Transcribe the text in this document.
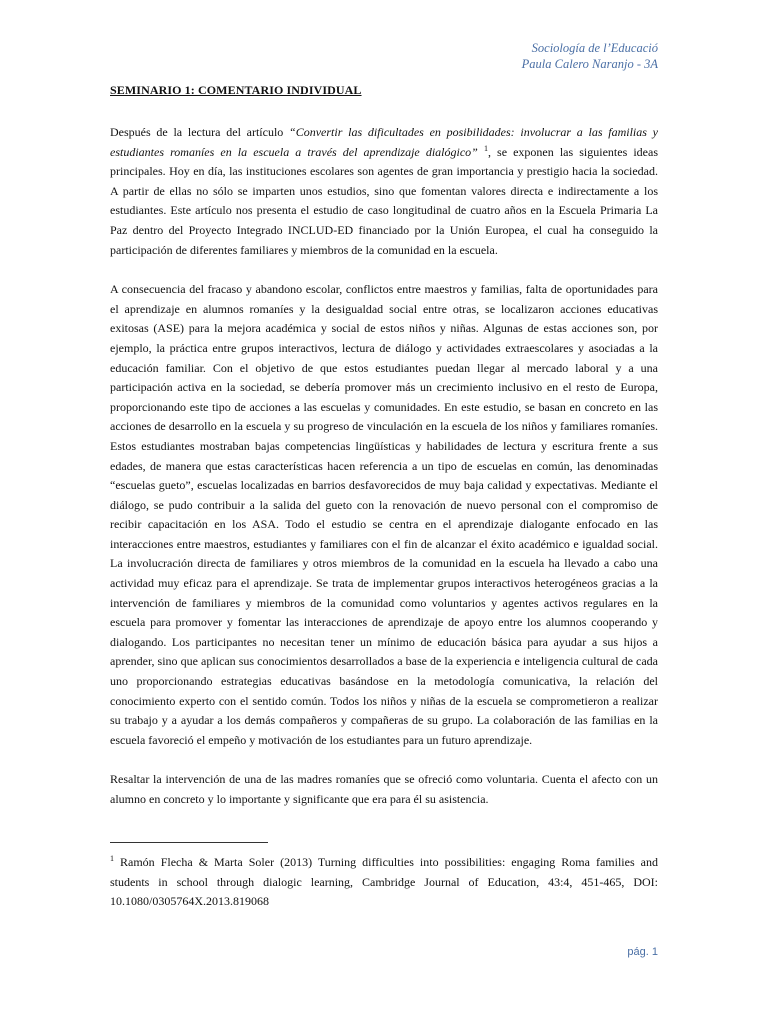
Sociología de l’Educació
Paula Calero Naranjo - 3A
SEMINARIO 1: COMENTARIO INDIVIDUAL

Después de la lectura del artículo “Convertir las dificultades en posibilidades: involucrar a las familias y estudiantes romaníes en la escuela a través del aprendizaje dialógico” $^1$, se exponen las siguientes ideas principales. Hoy en día, las instituciones escolares son agentes de gran importancia y prestigio hacia la sociedad. A partir de ellas no sólo se imparten unos estudios, sino que fomentan valores directa e indirectamente a los estudiantes. Este artículo nos presenta el estudio de caso longitudinal de cuatro años en la Escuela Primaria La Paz dentro del Proyecto Integrado INCLUD-ED financiado por la Unión Europea, el cual ha conseguido la participación de diferentes familiares y miembros de la comunidad en la escuela.

A consecuencia del fracaso y abandono escolar, conflictos entre maestros y familias, falta de oportunidades para el aprendizaje en alumnos romaníes y la desigualdad social entre otras, se localizaron acciones educativas exitosas (ASE) para la mejora académica y social de estos niños y niñas. Algunas de estas acciones son, por ejemplo, la práctica entre grupos interactivos, lectura de diálogo y actividades extraescolares y asociadas a la educación familiar. Con el objetivo de que estos estudiantes puedan llegar al mercado laboral y a una participación activa en la sociedad, se debería promover más un crecimiento inclusivo en el resto de Europa, proporcionando este tipo de acciones a las escuelas y comunidades. En este estudio, se basan en concreto en las acciones de desarrollo en la escuela y su progreso de vinculación en la escuela de los niños y familiares romaníes. Estos estudiantes mostraban bajas competencias lingüísticas y habilidades de lectura y escritura frente a sus edades, de manera que estas características hacen referencia a un tipo de escuelas en común, las denominadas “escuelas gueto”, escuelas localizadas en barrios desfavorecidos de muy baja calidad y expectativas. Mediante el diálogo, se pudo contribuir a la salida del gueto con la renovación de nuevo personal con el compromiso de recibir capacitación en los ASA. Todo el estudio se centra en el aprendizaje dialogante enfocado en las interacciones entre maestros, estudiantes y familiares con el fin de alcanzar el éxito académico e igualdad social. La involucración directa de familiares y otros miembros de la comunidad en la escuela ha llevado a cabo una actividad muy eficaz para el aprendizaje. Se trata de implementar grupos interactivos heterogéneos gracias a la intervención de familiares y miembros de la comunidad como voluntarios y agentes activos regulares en la escuela para promover y fomentar las interacciones de aprendizaje de apoyo entre los alumnos cooperando y dialogando. Los participantes no necesitan tener un mínimo de educación básica para ayudar a sus hijos a aprender, sino que aplican sus conocimientos desarrollados a base de la experiencia e inteligencia cultural de cada uno proporcionando estrategias educativas basándose en la metodología comunicativa, la relación del conocimiento experto con el sentido común. Todos los niños y niñas de la escuela se comprometieron a realizar su trabajo y a ayudar a los demás compañeros y compañeras de su grupo. La colaboración de las familias en la escuela favoreció el empeño y motivación de los estudiantes para un futuro aprendizaje.

Resaltar la intervención de una de las madres romaníes que se ofreció como voluntaria. Cuenta el afecto con un alumno en concreto y lo importante y significante que era para él su asistencia.

$^1$ Ramón Flecha & Marta Soler (2013) Turning difficulties into possibilities: engaging Roma families and students in school through dialogic learning, Cambridge Journal of Education, 43:4, 451-465, DOI: 10.1080/0305764X.2013.819068
pág. 1
